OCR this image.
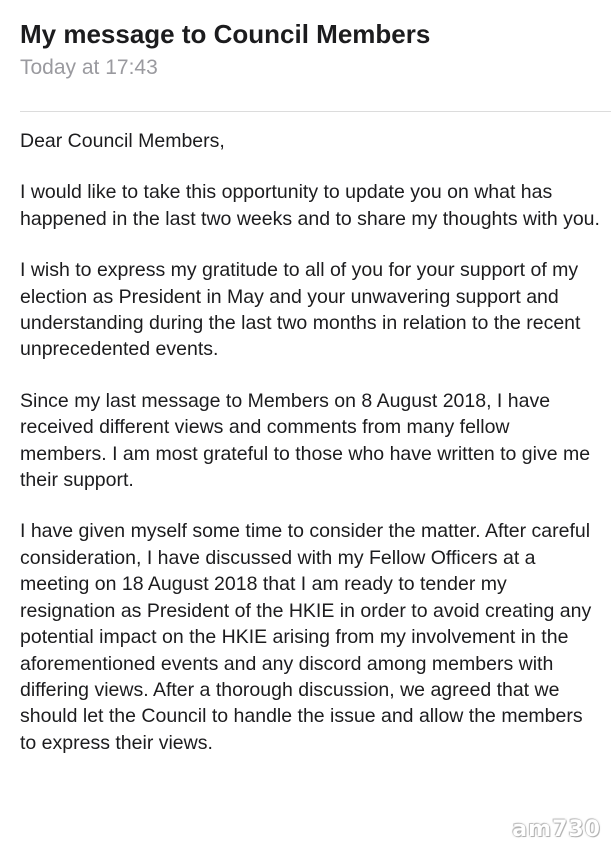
My message to Council Members
Today at 17:43

Dear Council Members,

I would like to take this opportunity to update you on what has happened in the last two weeks and to share my thoughts with you.

I wish to express my gratitude to all of you for your support of my election as President in May and your unwavering support and understanding during the last two months in relation to the recent unprecedented events.

Since my last message to Members on 8 August 2018, I have received different views and comments from many fellow members. I am most grateful to those who have written to give me their support.

I have given myself some time to consider the matter. After careful consideration, I have discussed with my Fellow Officers at a meeting on 18 August 2018 that I am ready to tender my resignation as President of the HKIE in order to avoid creating any potential impact on the HKIE arising from my involvement in the aforementioned events and any discord among members with differing views. After a thorough discussion, we agreed that we should let the Council to handle the issue and allow the members to express their views.

am730
